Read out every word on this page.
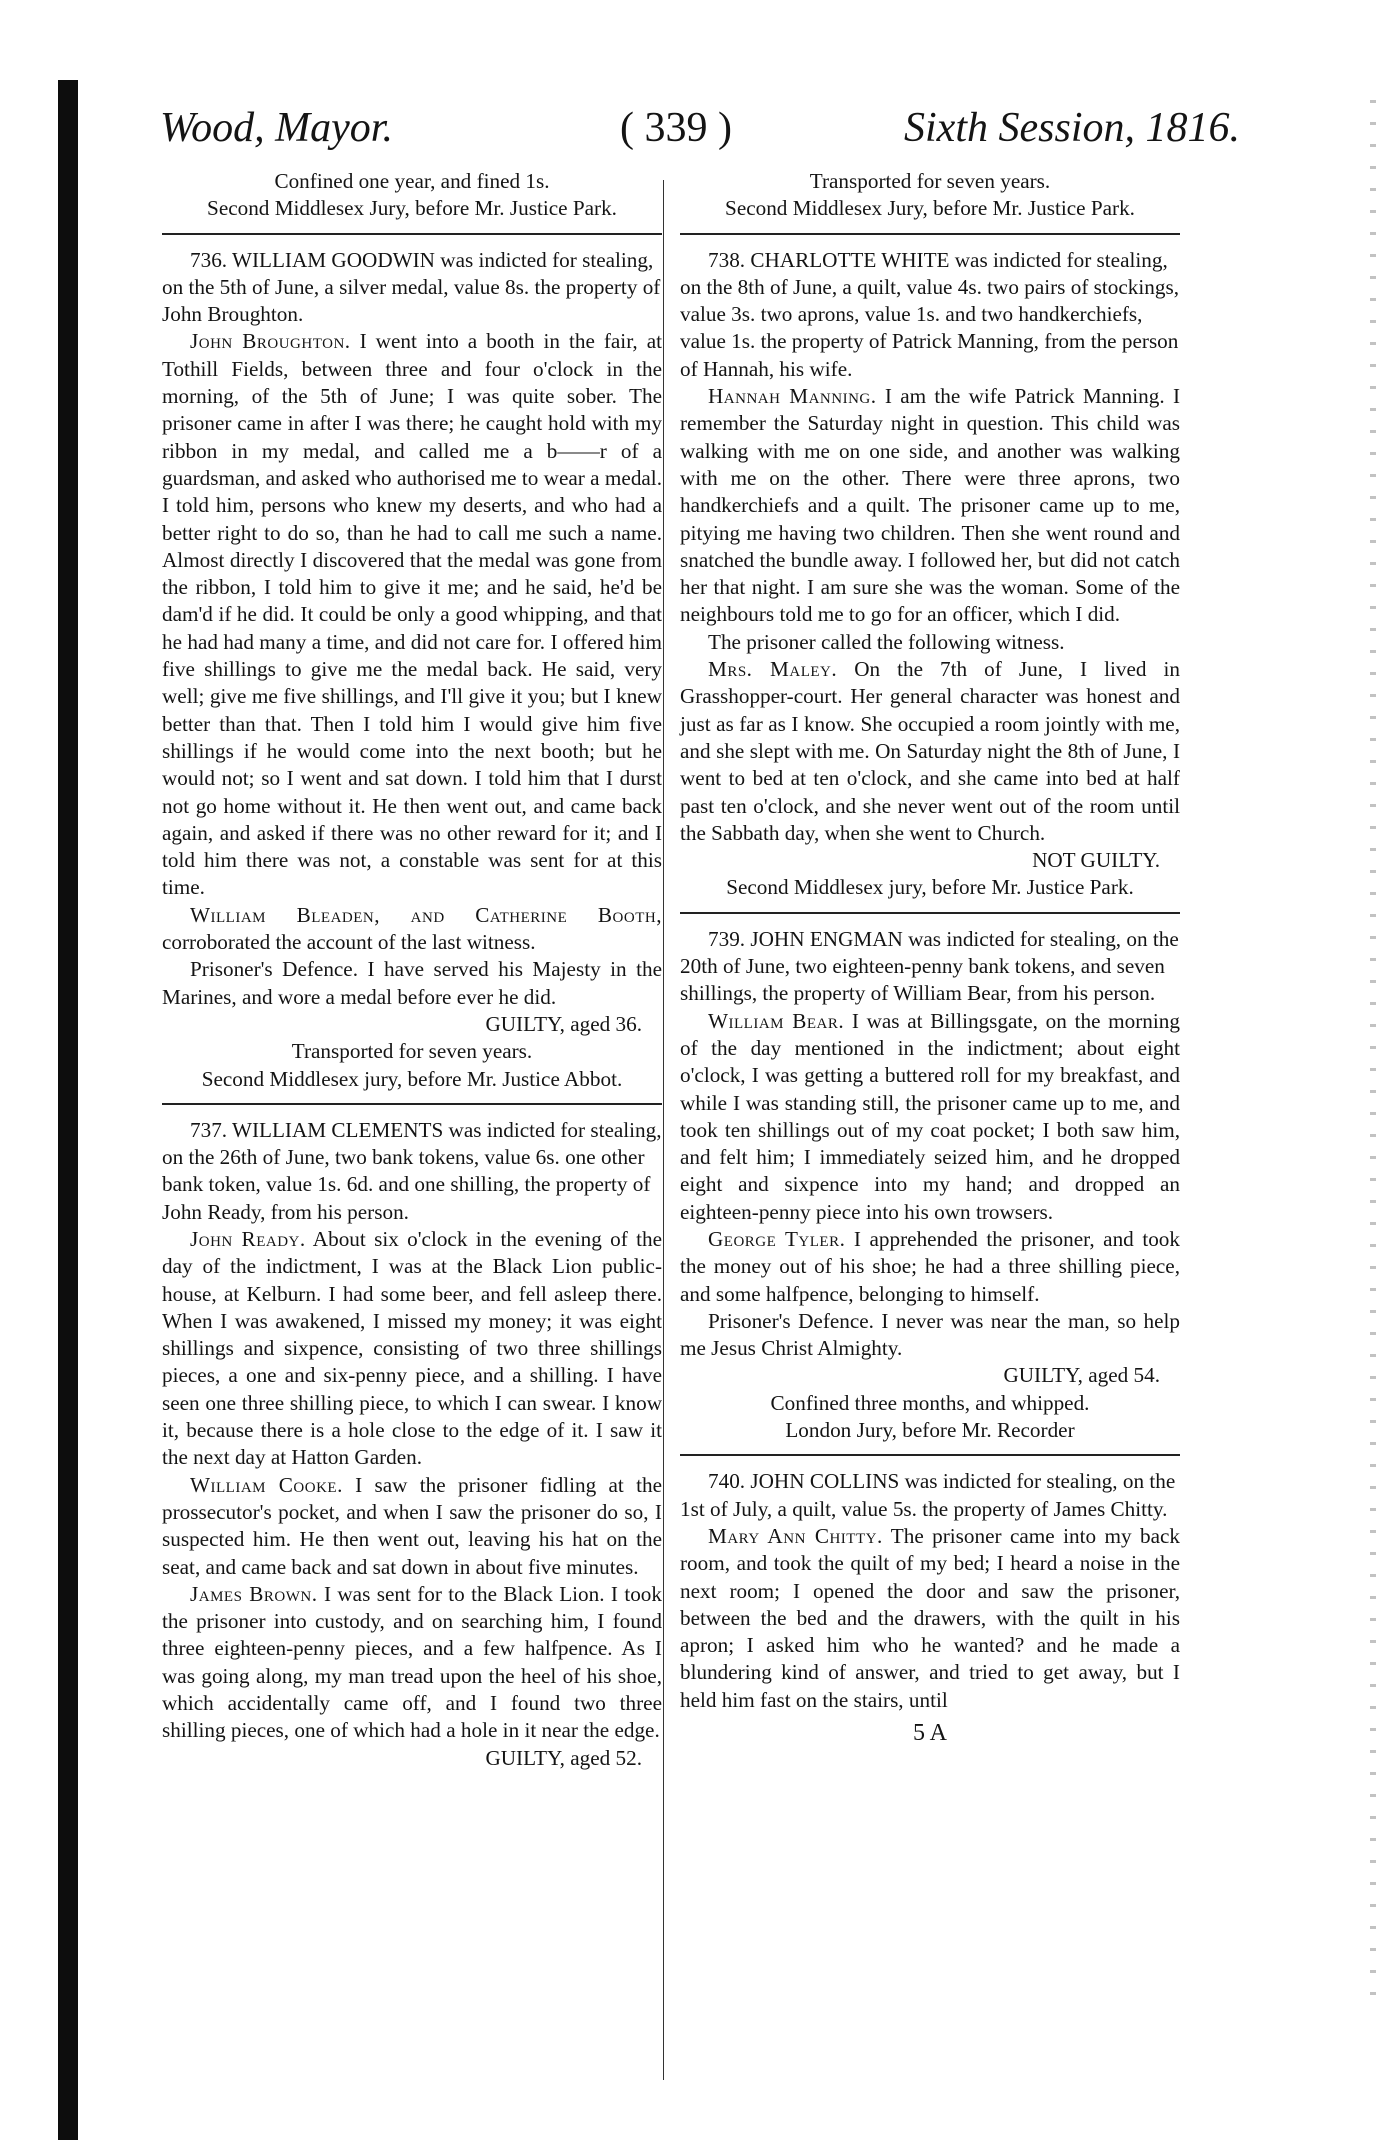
Wood, Mayor.	( 339 )	Sixth Session, 1816.

Confined one year, and fined 1s.

Second Middlesex Jury, before Mr. Justice Park.

736. WILLIAM GOODWIN was indicted for stealing, on the 5th of June, a silver medal, value 8s. the property of John Broughton.

John Broughton. I went into a booth in the fair, at Tothill Fields, between three and four o'clock in the morning, of the 5th of June; I was quite sober. The prisoner came in after I was there; he caught hold with my ribbon in my medal, and called me a b——r of a guardsman, and asked who authorised me to wear a medal. I told him, persons who knew my deserts, and who had a better right to do so, than he had to call me such a name. Almost directly I discovered that the medal was gone from the ribbon, I told him to give it me; and he said, he'd be dam'd if he did. It could be only a good whipping, and that he had had many a time, and did not care for. I offered him five shillings to give me the medal back. He said, very well; give me five shillings, and I'll give it you; but I knew better than that. Then I told him I would give him five shillings if he would come into the next booth; but he would not; so I went and sat down. I told him that I durst not go home without it. He then went out, and came back again, and asked if there was no other reward for it; and I told him there was not, a constable was sent for at this time.

William Bleaden, and Catherine Booth, corroborated the account of the last witness.

Prisoner's Defence. I have served his Majesty in the Marines, and wore a medal before ever he did.

GUILTY, aged 36.

Transported for seven years.

Second Middlesex jury, before Mr. Justice Abbot.

737. WILLIAM CLEMENTS was indicted for stealing, on the 26th of June, two bank tokens, value 6s. one other bank token, value 1s. 6d. and one shilling, the property of John Ready, from his person.

John Ready. About six o'clock in the evening of the day of the indictment, I was at the Black Lion public-house, at Kelburn. I had some beer, and fell asleep there. When I was awakened, I missed my money; it was eight shillings and sixpence, consisting of two three shillings pieces, a one and six-penny piece, and a shilling. I have seen one three shilling piece, to which I can swear. I know it, because there is a hole close to the edge of it. I saw it the next day at Hatton Garden.

William Cooke. I saw the prisoner fidling at the prossecutor's pocket, and when I saw the prisoner do so, I suspected him. He then went out, leaving his hat on the seat, and came back and sat down in about five minutes.

James Brown. I was sent for to the Black Lion. I took the prisoner into custody, and on searching him, I found three eighteen-penny pieces, and a few halfpence. As I was going along, my man tread upon the heel of his shoe, which accidentally came off, and I found two three shilling pieces, one of which had a hole in it near the edge.

GUILTY, aged 52.

Transported for seven years.

Second Middlesex Jury, before Mr. Justice Park.

738. CHARLOTTE WHITE was indicted for stealing, on the 8th of June, a quilt, value 4s. two pairs of stockings, value 3s. two aprons, value 1s. and two handkerchiefs, value 1s. the property of Patrick Manning, from the person of Hannah, his wife.

Hannah Manning. I am the wife Patrick Manning. I remember the Saturday night in question. This child was walking with me on one side, and another was walking with me on the other. There were three aprons, two handkerchiefs and a quilt. The prisoner came up to me, pitying me having two children. Then she went round and snatched the bundle away. I followed her, but did not catch her that night. I am sure she was the woman. Some of the neighbours told me to go for an officer, which I did.

The prisoner called the following witness.

Mrs. Maley. On the 7th of June, I lived in Grasshopper-court. Her general character was honest and just as far as I know. She occupied a room jointly with me, and she slept with me. On Saturday night the 8th of June, I went to bed at ten o'clock, and she came into bed at half past ten o'clock, and she never went out of the room until the Sabbath day, when she went to Church.

NOT GUILTY.

Second Middlesex jury, before Mr. Justice Park.

739. JOHN ENGMAN was indicted for stealing, on the 20th of June, two eighteen-penny bank tokens, and seven shillings, the property of William Bear, from his person.

William Bear. I was at Billingsgate, on the morning of the day mentioned in the indictment; about eight o'clock, I was getting a buttered roll for my breakfast, and while I was standing still, the prisoner came up to me, and took ten shillings out of my coat pocket; I both saw him, and felt him; I immediately seized him, and he dropped eight and sixpence into my hand; and dropped an eighteen-penny piece into his own trowsers.

George Tyler. I apprehended the prisoner, and took the money out of his shoe; he had a three shilling piece, and some halfpence, belonging to himself.

Prisoner's Defence. I never was near the man, so help me Jesus Christ Almighty.

GUILTY, aged 54.

Confined three months, and whipped.

London Jury, before Mr. Recorder

740. JOHN COLLINS was indicted for stealing, on the 1st of July, a quilt, value 5s. the property of James Chitty.

Mary Ann Chitty. The prisoner came into my back room, and took the quilt of my bed; I heard a noise in the next room; I opened the door and saw the prisoner, between the bed and the drawers, with the quilt in his apron; I asked him who he wanted? and he made a blundering kind of answer, and tried to get away, but I held him fast on the stairs, until

5 A
